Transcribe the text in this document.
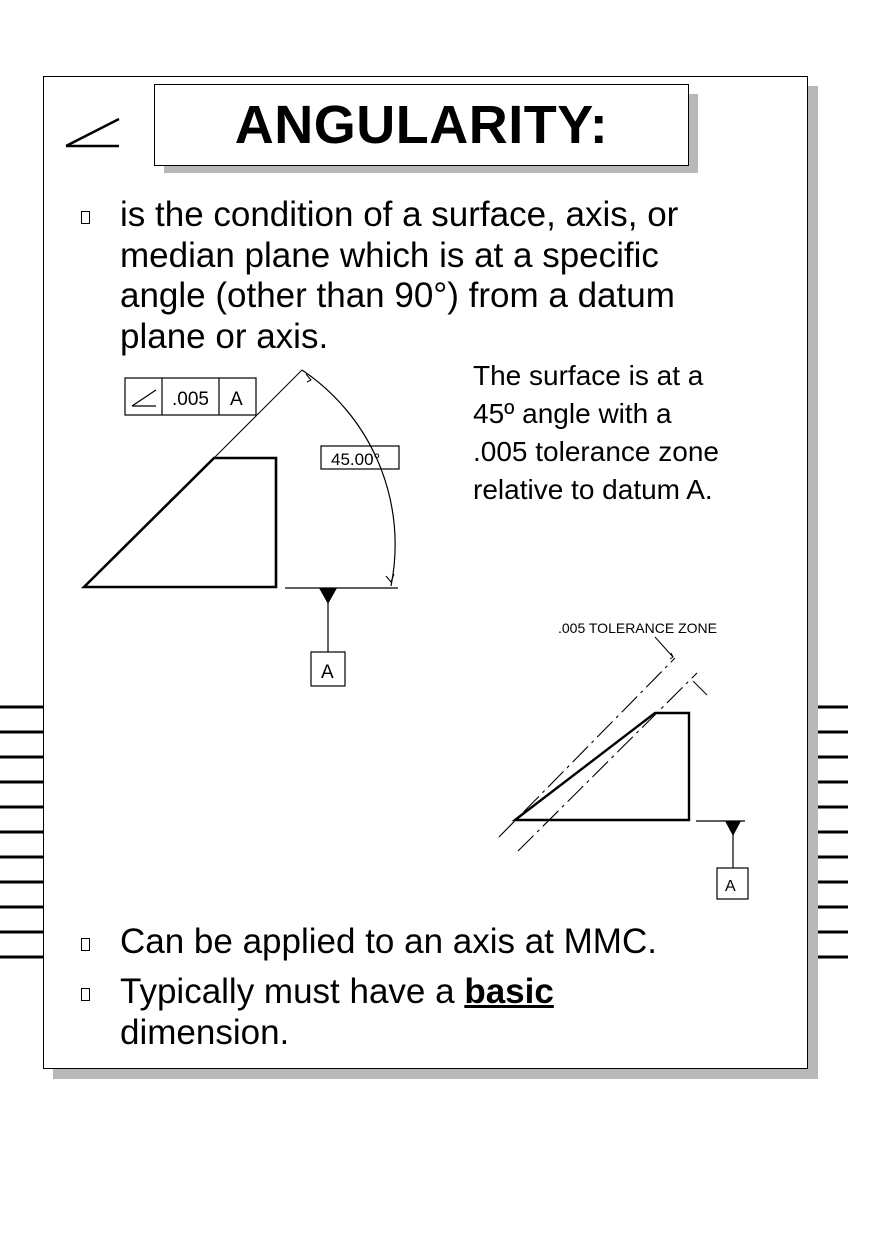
ANGULARITY:
is the condition of a surface, axis, or
median plane which is at a specific
angle (other than 90°) from a datum
plane or axis.
The surface is at a
45º angle with a
.005 tolerance zone
relative to datum A.
.005 A
45.00°
A
.005 TOLERANCE ZONE
A
Can be applied to an axis at MMC.
Typically must have a basic
dimension.
